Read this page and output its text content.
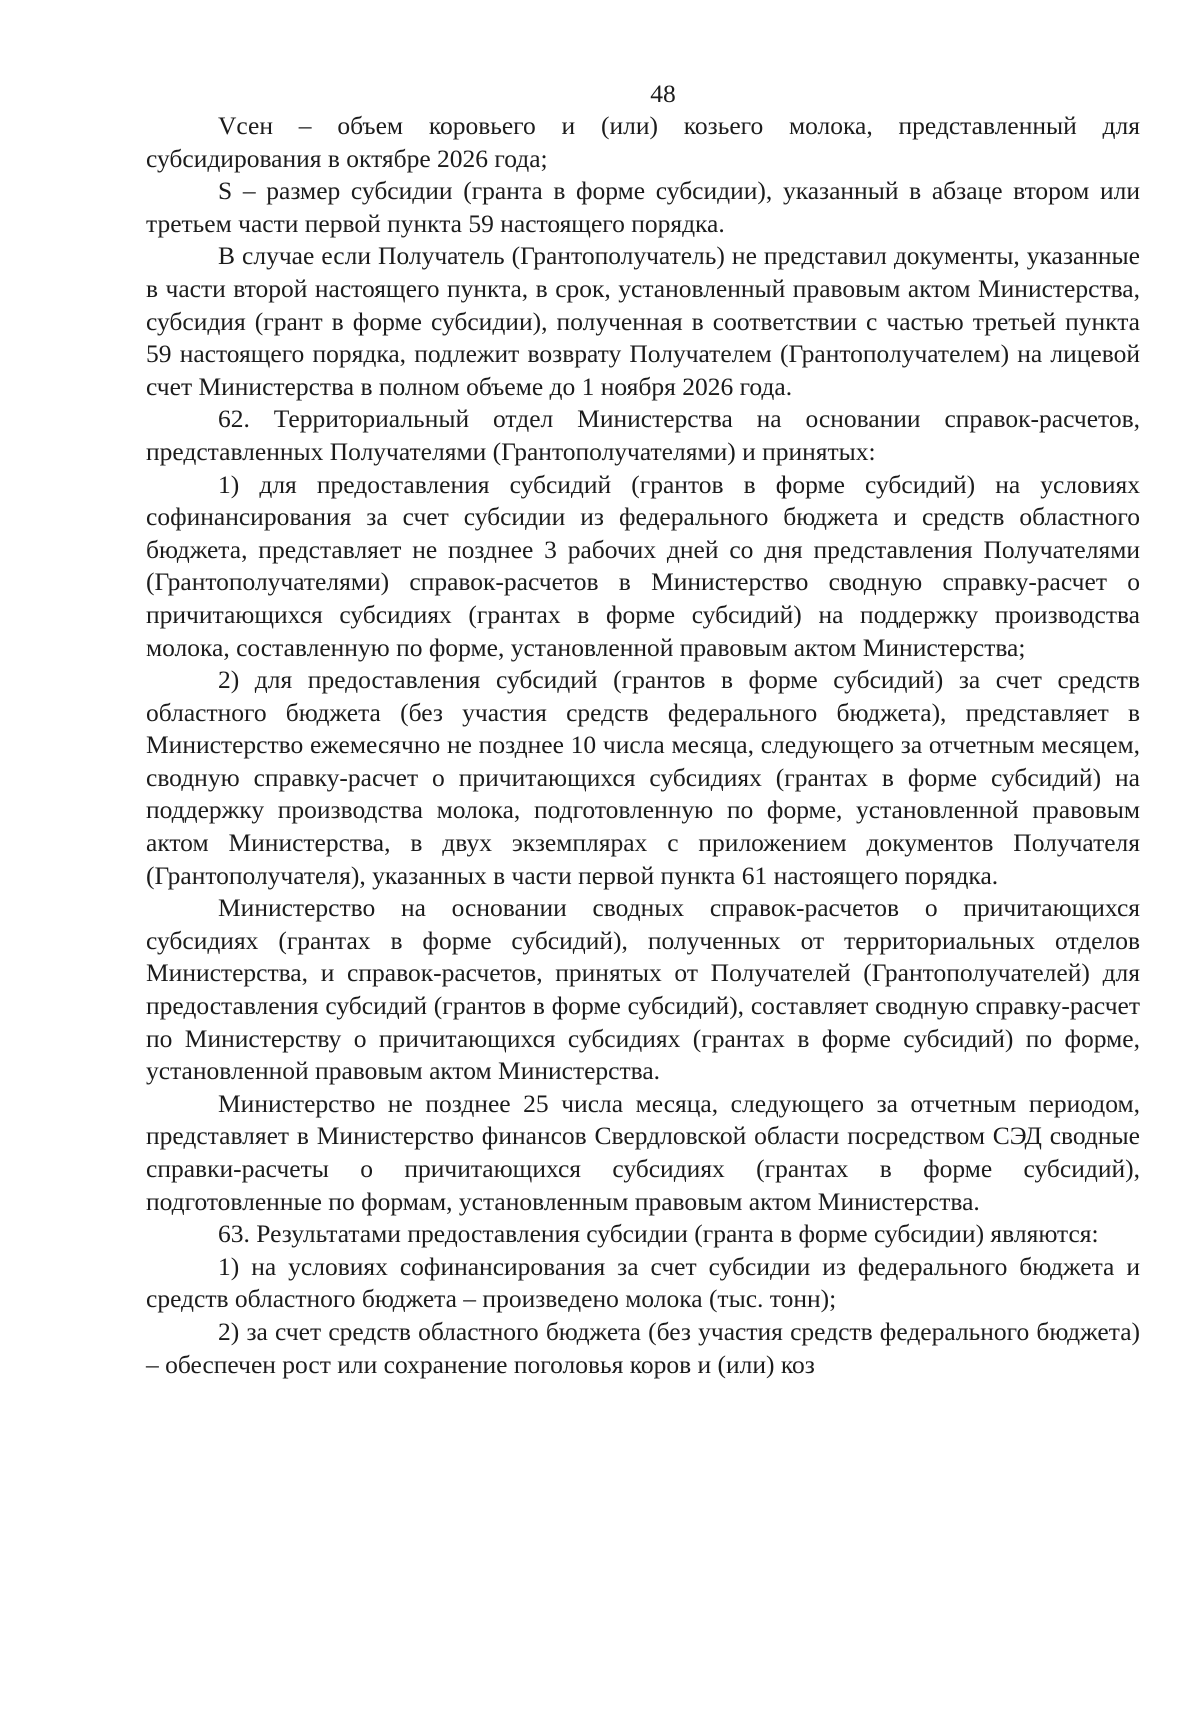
48

Vсен – объем коровьего и (или) козьего молока, представленный для субсидирования в октябре 2026 года;

S – размер субсидии (гранта в форме субсидии), указанный в абзаце втором или третьем части первой пункта 59 настоящего порядка.

В случае если Получатель (Грантополучатель) не представил документы, указанные в части второй настоящего пункта, в срок, установленный правовым актом Министерства, субсидия (грант в форме субсидии), полученная в соответствии с частью третьей пункта 59 настоящего порядка, подлежит возврату Получателем (Грантополучателем) на лицевой счет Министерства в полном объеме до 1 ноября 2026 года.

62. Территориальный отдел Министерства на основании справок-расчетов, представленных Получателями (Грантополучателями) и принятых:

1) для предоставления субсидий (грантов в форме субсидий) на условиях софинансирования за счет субсидии из федерального бюджета и средств областного бюджета, представляет не позднее 3 рабочих дней со дня представления Получателями (Грантополучателями) справок-расчетов в Министерство сводную справку-расчет о причитающихся субсидиях (грантах в форме субсидий) на поддержку производства молока, составленную по форме, установленной правовым актом Министерства;

2) для предоставления субсидий (грантов в форме субсидий) за счет средств областного бюджета (без участия средств федерального бюджета), представляет в Министерство ежемесячно не позднее 10 числа месяца, следующего за отчетным месяцем, сводную справку-расчет о причитающихся субсидиях (грантах в форме субсидий) на поддержку производства молока, подготовленную по форме, установленной правовым актом Министерства, в двух экземплярах с приложением документов Получателя (Грантополучателя), указанных в части первой пункта 61 настоящего порядка.

Министерство на основании сводных справок-расчетов о причитающихся субсидиях (грантах в форме субсидий), полученных от территориальных отделов Министерства, и справок-расчетов, принятых от Получателей (Грантополучателей) для предоставления субсидий (грантов в форме субсидий), составляет сводную справку-расчет по Министерству о причитающихся субсидиях (грантах в форме субсидий) по форме, установленной правовым актом Министерства.

Министерство не позднее 25 числа месяца, следующего за отчетным периодом, представляет в Министерство финансов Свердловской области посредством СЭД сводные справки-расчеты о причитающихся субсидиях (грантах в форме субсидий), подготовленные по формам, установленным правовым актом Министерства.

63. Результатами предоставления субсидии (гранта в форме субсидии) являются:

1) на условиях софинансирования за счет субсидии из федерального бюджета и средств областного бюджета – произведено молока (тыс. тонн);

2) за счет средств областного бюджета (без участия средств федерального бюджета) – обеспечен рост или сохранение поголовья коров и (или) коз
